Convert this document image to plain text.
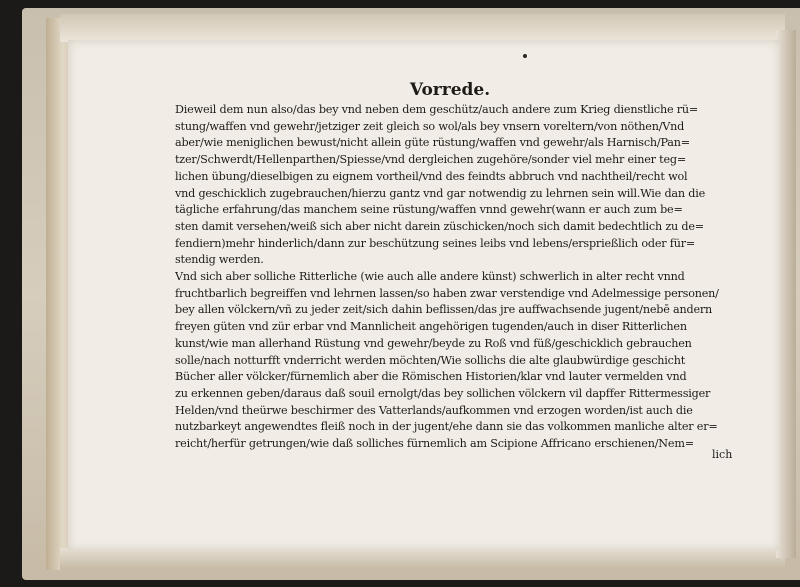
Vorrede.
Dieweil dem nun also/das bey vnd neben dem geschütz/auch andere zum Krieg dienstliche rü=
stung/waffen vnd gewehr/jetziger zeit gleich so wol/als bey vnsern voreltern/von nöthen/Vnd
aber/wie meniglichen bewust/nicht allein güte rüstung/waffen vnd gewehr/als Harnisch/Pan=
tzer/Schwerdt/Hellenparthen/Spiesse/vnd dergleichen zugehöre/sonder viel mehr einer teg=
lichen übung/dieselbigen zu eignem vortheil/vnd des feindts abbruch vnd nachtheil/recht wol
vnd geschicklich zugebrauchen/hierzu gantz vnd gar notwendig zu lehrnen sein will.Wie dan die
tägliche erfahrung/das manchem seine rüstung/waffen vnnd gewehr(wann er auch zum be=
sten damit versehen/weiß sich aber nicht darein züschicken/noch sich damit bedechtlich zu de=
fendiern)mehr hinderlich/dann zur beschützung seines leibs vnd lebens/ersprießlich oder für=
stendig werden.
Vnd sich aber solliche Ritterliche (wie auch alle andere künst) schwerlich in alter recht vnnd
fruchtbarlich begreiffen vnd lehrnen lassen/so haben zwar verstendige vnd Adelmessige personen/
bey allen völckern/vñ zu jeder zeit/sich dahin beflissen/das jre auffwachsende jugent/nebē andern
freyen güten vnd zür erbar vnd Mannlicheit angehörigen tugenden/auch in diser Ritterlichen
kunst/wie man allerhand Rüstung vnd gewehr/beyde zu Roß vnd füß/geschicklich gebrauchen
solle/nach notturfft vnderricht werden möchten/Wie sollichs die alte glaubwürdige geschicht
Bücher aller völcker/fürnemlich aber die Römischen Historien/klar vnd lauter vermelden vnd
zu erkennen geben/daraus daß souil ernolgt/das bey sollichen völckern vil dapffer Rittermessiger
Helden/vnd theürwe beschirmer des Vatterlands/aufkommen vnd erzogen worden/ist auch die
nutzbarkeyt angewendtes fleiß noch in der jugent/ehe dann sie das volkommen manliche alter er=
reicht/herfür getrungen/wie daß solliches fürnemlich am Scipione Affricano erschienen/Nem=
lich
